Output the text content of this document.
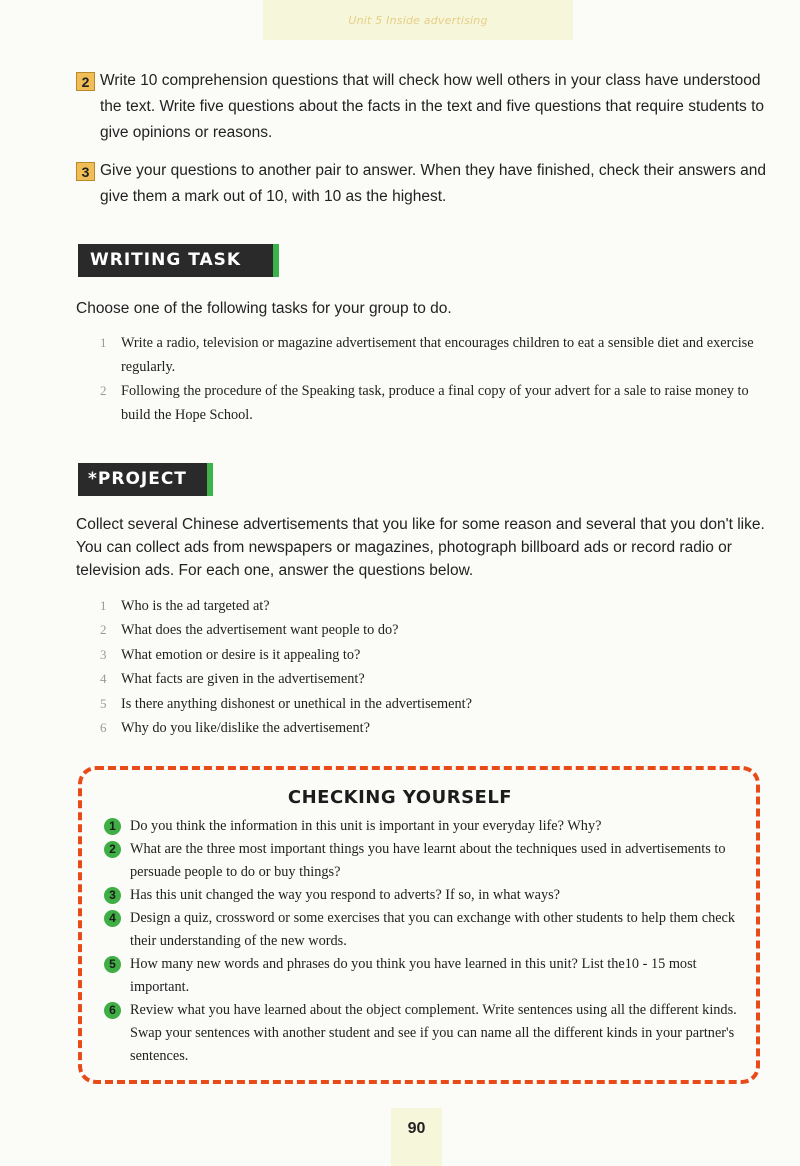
Unit 5 Inside advertising
2 Write 10 comprehension questions that will check how well others in your class have understood the text. Write five questions about the facts in the text and five questions that require students to give opinions or reasons.
3 Give your questions to another pair to answer. When they have finished, check their answers and give them a mark out of 10, with 10 as the highest.
WRITING TASK
Choose one of the following tasks for your group to do.
1 Write a radio, television or magazine advertisement that encourages children to eat a sensible diet and exercise regularly.
2 Following the procedure of the Speaking task, produce a final copy of your advert for a sale to raise money to build the Hope School.
*PROJECT
Collect several Chinese advertisements that you like for some reason and several that you don't like. You can collect ads from newspapers or magazines, photograph billboard ads or record radio or television ads. For each one, answer the questions below.
1 Who is the ad targeted at?
2 What does the advertisement want people to do?
3 What emotion or desire is it appealing to?
4 What facts are given in the advertisement?
5 Is there anything dishonest or unethical in the advertisement?
6 Why do you like/dislike the advertisement?
CHECKING YOURSELF
1 Do you think the information in this unit is important in your everyday life? Why?
2 What are the three most important things you have learnt about the techniques used in advertisements to persuade people to do or buy things?
3 Has this unit changed the way you respond to adverts? If so, in what ways?
4 Design a quiz, crossword or some exercises that you can exchange with other students to help them check their understanding of the new words.
5 How many new words and phrases do you think you have learned in this unit? List the10 - 15 most important.
6 Review what you have learned about the object complement. Write sentences using all the different kinds. Swap your sentences with another student and see if you can name all the different kinds in your partner's sentences.
90
